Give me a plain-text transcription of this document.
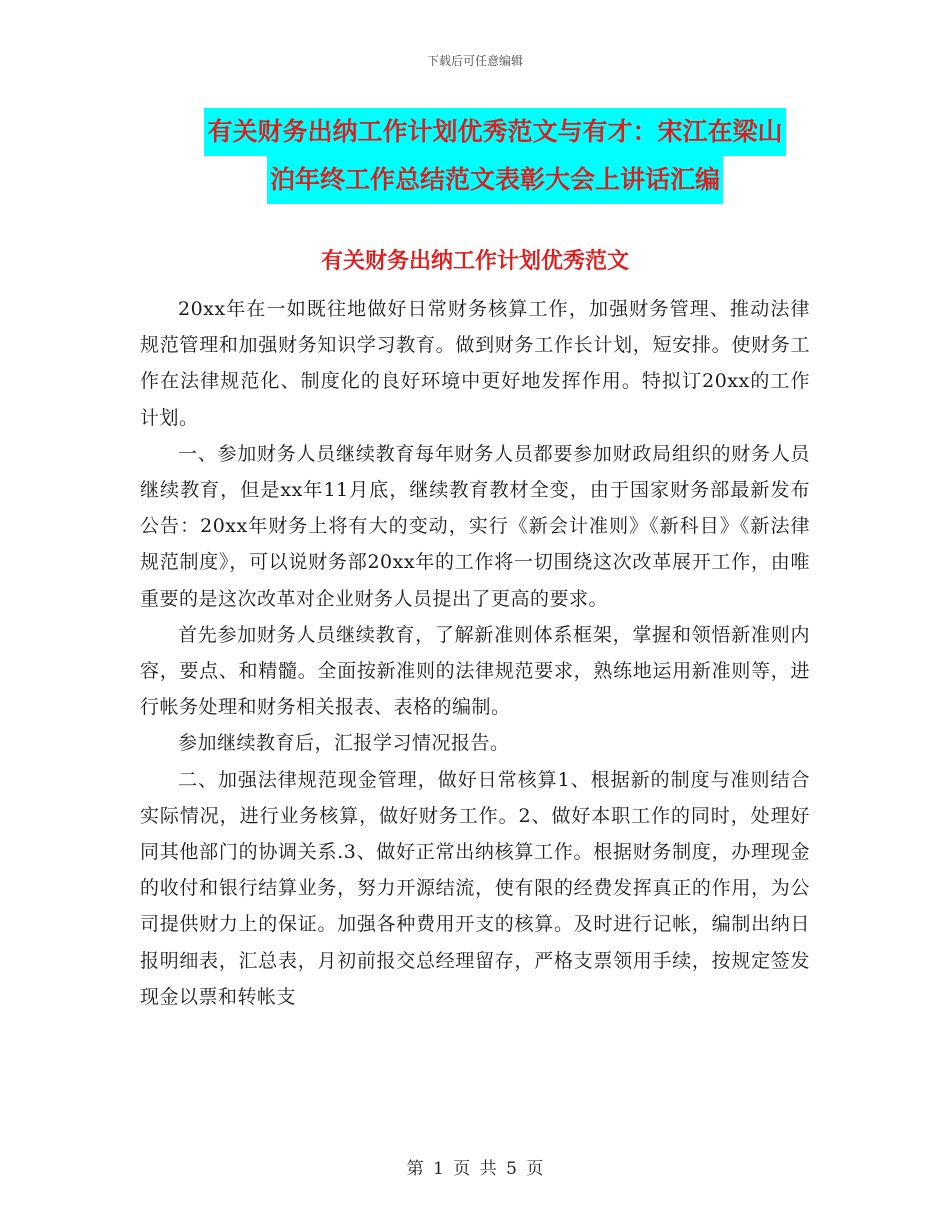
下载后可任意编辑
有关财务出纳工作计划优秀范文与有才：宋江在梁山
泊年终工作总结范文表彰大会上讲话汇编
有关财务出纳工作计划优秀范文

20xx年在一如既往地做好日常财务核算工作，加强财务管理、推动法律规范管理和加强财务知识学习教育。做到财务工作长计划，短安排。使财务工作在法律规范化、制度化的良好环境中更好地发挥作用。特拟订20xx的工作计划。

一、参加财务人员继续教育每年财务人员都要参加财政局组织的财务人员继续教育，但是xx年11月底，继续教育教材全变，由于国家财务部最新发布公告：20xx年财务上将有大的变动，实行《新会计准则》《新科目》《新法律规范制度》，可以说财务部20xx年的工作将一切围绕这次改革展开工作，由唯重要的是这次改革对企业财务人员提出了更高的要求。

首先参加财务人员继续教育，了解新准则体系框架，掌握和领悟新准则内容，要点、和精髓。全面按新准则的法律规范要求，熟练地运用新准则等，进行帐务处理和财务相关报表、表格的编制。

参加继续教育后，汇报学习情况报告。

二、加强法律规范现金管理，做好日常核算1、根据新的制度与准则结合实际情况，进行业务核算，做好财务工作。2、做好本职工作的同时，处理好同其他部门的协调关系.3、做好正常出纳核算工作。根据财务制度，办理现金的收付和银行结算业务，努力开源结流，使有限的经费发挥真正的作用，为公司提供财力上的保证。加强各种费用开支的核算。及时进行记帐，编制出纳日报明细表，汇总表，月初前报交总经理留存，严格支票领用手续，按规定签发现金以票和转帐支

第 1 页 共 5 页
